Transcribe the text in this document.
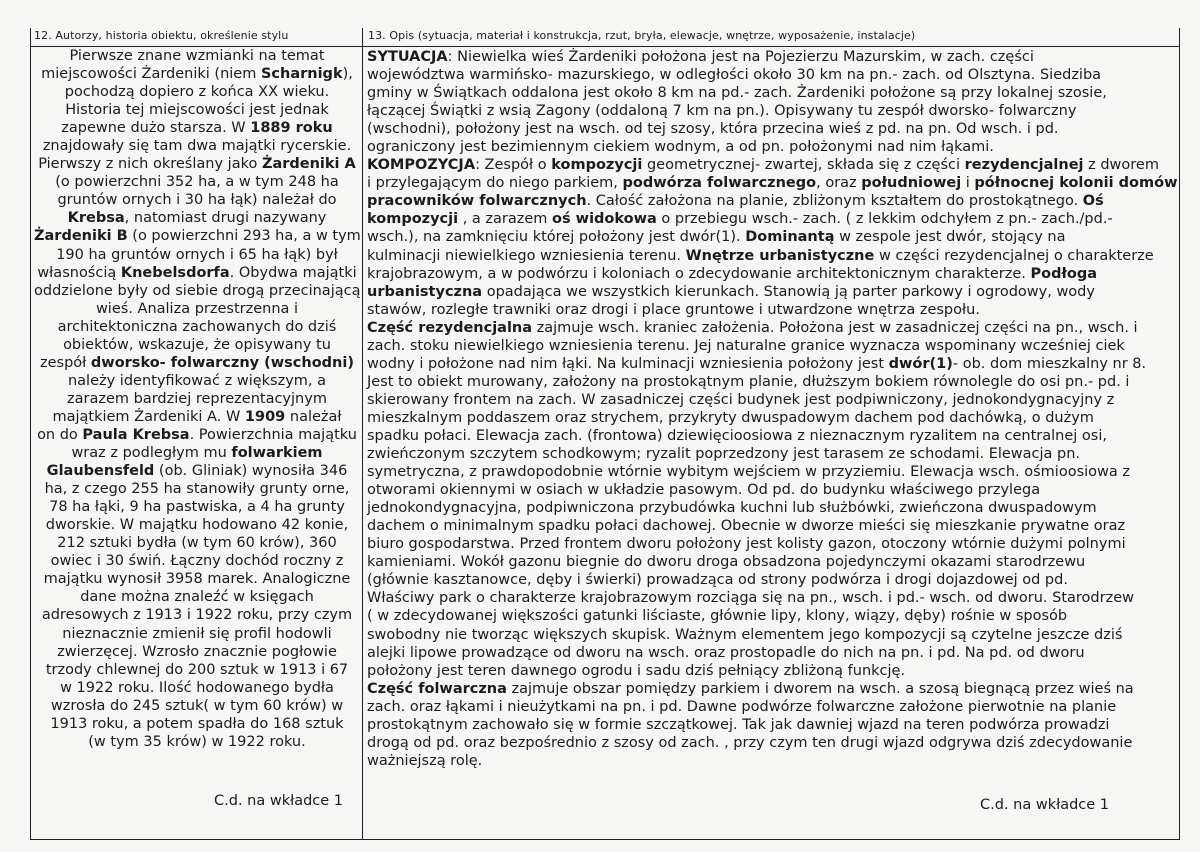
12. Autorzy, historia obiektu, określenie stylu	13. Opis (sytuacja, materiał i konstrukcja, rzut, bryła, elewacje, wnętrze, wyposażenie, instalacje)
Pierwsze znane wzmianki na temat
miejscowości Żardeniki (niem Scharnigk),
pochodzą dopiero z końca XX wieku.
Historia tej miejscowości jest jednak
zapewne dużo starsza. W 1889 roku
znajdowały się tam dwa majątki rycerskie.
Pierwszy z nich określany jako Żardeniki A
(o powierzchni 352 ha, a w tym 248 ha
gruntów ornych i 30 ha łąk) należał do
Krebsa, natomiast drugi nazywany
Żardeniki B (o powierzchni 293 ha, a w tym
190 ha gruntów ornych i 65 ha łąk) był
własnością Knebelsdorfa. Obydwa majątki
oddzielone były od siebie drogą przecinającą
wieś. Analiza przestrzenna i
architektoniczna zachowanych do dziś
obiektów, wskazuje, że opisywany tu
zespół dworsko- folwarczny (wschodni)
należy identyfikować z większym, a
zarazem bardziej reprezentacyjnym
majątkiem Żardeniki A. W 1909 należał
on do Paula Krebsa. Powierzchnia majątku
wraz z podległym mu folwarkiem
Glaubensfeld (ob. Gliniak) wynosiła 346
ha, z czego 255 ha stanowiły grunty orne,
78 ha łąki, 9 ha pastwiska, a 4 ha grunty
dworskie. W majątku hodowano 42 konie,
212 sztuki bydła (w tym 60 krów), 360
owiec i 30 świń. Łączny dochód roczny z
majątku wynosił 3958 marek. Analogiczne
dane można znaleźć w księgach
adresowych z 1913 i 1922 roku, przy czym
nieznacznie zmienił się profil hodowli
zwierzęcej. Wzrosło znacznie pogłowie
trzody chlewnej do 200 sztuk w 1913 i 67
w 1922 roku. Ilość hodowanego bydła
wzrosła do 245 sztuk( w tym 60 krów) w
1913 roku, a potem spadła do 168 sztuk
(w tym 35 krów) w 1922 roku.
SYTUACJA: Niewielka wieś Żardeniki położona jest na Pojezierzu Mazurskim, w zach. części
województwa warmińsko- mazurskiego, w odległości około 30 km na pn.- zach. od Olsztyna. Siedziba
gminy w Świątkach oddalona jest około 8 km na pd.- zach. Żardeniki położone są przy lokalnej szosie,
łączącej Świątki z wsią Zagony (oddaloną 7 km na pn.). Opisywany tu zespół dworsko- folwarczny
(wschodni), położony jest na wsch. od tej szosy, która przecina wieś z pd. na pn. Od wsch. i pd.
ograniczony jest bezimiennym ciekiem wodnym, a od pn. położonymi nad nim łąkami.
KOMPOZYCJA: Zespół o kompozycji geometrycznej- zwartej, składa się z części rezydencjalnej z dworem
i przylegającym do niego parkiem, podwórza folwarcznego, oraz południowej i północnej kolonii domów
pracowników folwarcznych. Całość założona na planie, zbliżonym kształtem do prostokątnego. Oś
kompozycji , a zarazem oś widokowa o przebiegu wsch.- zach. ( z lekkim odchyłem z pn.- zach./pd.-
wsch.), na zamknięciu której położony jest dwór(1). Dominantą w zespole jest dwór, stojący na
kulminacji niewielkiego wzniesienia terenu. Wnętrze urbanistyczne w części rezydencjalnej o charakterze
krajobrazowym, a w podwórzu i koloniach o zdecydowanie architektonicznym charakterze. Podłoga
urbanistyczna opadająca we wszystkich kierunkach. Stanowią ją parter parkowy i ogrodowy, wody
stawów, rozległe trawniki oraz drogi i place gruntowe i utwardzone wnętrza zespołu.
Część rezydencjalna zajmuje wsch. kraniec założenia. Położona jest w zasadniczej części na pn., wsch. i
zach. stoku niewielkiego wzniesienia terenu. Jej naturalne granice wyznacza wspominany wcześniej ciek
wodny i położone nad nim łąki. Na kulminacji wzniesienia położony jest dwór(1)- ob. dom mieszkalny nr 8.
Jest to obiekt murowany, założony na prostokątnym planie, dłuższym bokiem równolegle do osi pn.- pd. i
skierowany frontem na zach. W zasadniczej części budynek jest podpiwniczony, jednokondygnacyjny z
mieszkalnym poddaszem oraz strychem, przykryty dwuspadowym dachem pod dachówką, o dużym
spadku połaci. Elewacja zach. (frontowa) dziewięcioosiowa z nieznacznym ryzalitem na centralnej osi,
zwieńczonym szczytem schodkowym; ryzalit poprzedzony jest tarasem ze schodami. Elewacja pn.
symetryczna, z prawdopodobnie wtórnie wybitym wejściem w przyziemiu. Elewacja wsch. ośmioosiowa z
otworami okiennymi w osiach w układzie pasowym. Od pd. do budynku właściwego przylega
jednokondygnacyjna, podpiwniczona przybudówka kuchni lub służbówki, zwieńczona dwuspadowym
dachem o minimalnym spadku połaci dachowej. Obecnie w dworze mieści się mieszkanie prywatne oraz
biuro gospodarstwa. Przed frontem dworu położony jest kolisty gazon, otoczony wtórnie dużymi polnymi
kamieniami. Wokół gazonu biegnie do dworu droga obsadzona pojedynczymi okazami starodrzewu
(głównie kasztanowce, dęby i świerki) prowadząca od strony podwórza i drogi dojazdowej od pd.
Właściwy park o charakterze krajobrazowym rozciąga się na pn., wsch. i pd.- wsch. od dworu. Starodrzew
( w zdecydowanej większości gatunki liściaste, głównie lipy, klony, wiązy, dęby) rośnie w sposób
swobodny nie tworząc większych skupisk. Ważnym elementem jego kompozycji są czytelne jeszcze dziś
alejki lipowe prowadzące od dworu na wsch. oraz prostopadle do nich na pn. i pd. Na pd. od dworu
położony jest teren dawnego ogrodu i sadu dziś pełniący zbliżoną funkcję.
Część folwarczna zajmuje obszar pomiędzy parkiem i dworem na wsch. a szosą biegnącą przez wieś na
zach. oraz łąkami i nieużytkami na pn. i pd. Dawne podwórze folwarczne założone pierwotnie na planie
prostokątnym zachowało się w formie szczątkowej. Tak jak dawniej wjazd na teren podwórza prowadzi
drogą od pd. oraz bezpośrednio z szosy od zach. , przy czym ten drugi wjazd odgrywa dziś zdecydowanie
ważniejszą rolę.
C.d. na wkładce 1	C.d. na wkładce 1
